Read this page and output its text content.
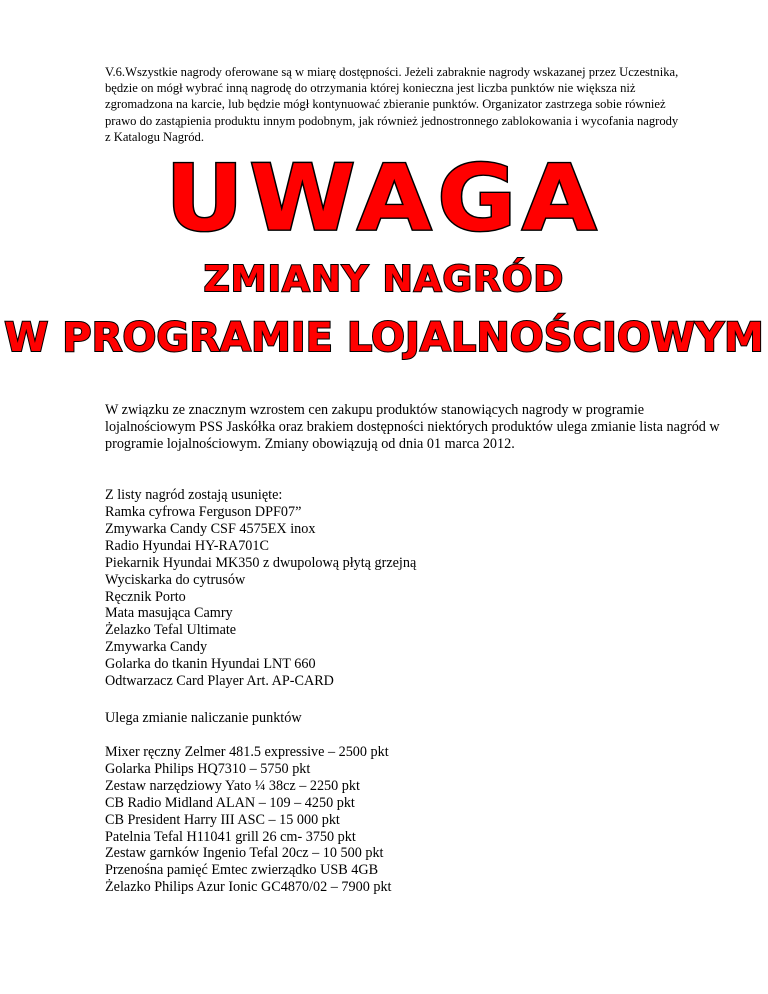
V.6.Wszystkie nagrody oferowane są w miarę dostępności. Jeżeli zabraknie nagrody wskazanej przez Uczestnika, będzie on mógł wybrać inną nagrodę do otrzymania której konieczna jest liczba punktów nie większa niż zgromadzona na karcie, lub będzie mógł kontynuować zbieranie punktów. Organizator zastrzega sobie również prawo do zastąpienia produktu innym podobnym, jak również jednostronnego zablokowania i wycofania nagrody z Katalogu Nagród.

UWAGA
ZMIANY NAGRÓD
W PROGRAMIE LOJALNOŚCIOWYM

W związku ze znacznym wzrostem cen zakupu produktów stanowiących nagrody w programie lojalnościowym PSS Jaskółka oraz brakiem dostępności niektórych produktów ulega zmianie lista nagród w programie lojalnościowym. Zmiany obowiązują od dnia 01 marca 2012.

Z listy nagród zostają usunięte:

Ramka cyfrowa Ferguson DPF07”
Zmywarka Candy CSF 4575EX inox
Radio Hyundai HY-RA701C
Piekarnik Hyundai MK350 z dwupolową płytą grzejną
Wyciskarka do cytrusów
Ręcznik Porto
Mata masująca Camry
Żelazko Tefal Ultimate
Zmywarka Candy
Golarka do tkanin Hyundai LNT 660
Odtwarzacz Card Player Art. AP-CARD

Ulega zmianie naliczanie punktów

Mixer ręczny Zelmer 481.5 expressive – 2500 pkt
Golarka Philips HQ7310 – 5750 pkt
Zestaw narzędziowy Yato ¼ 38cz – 2250 pkt
CB Radio Midland ALAN – 109 – 4250 pkt
CB President Harry III ASC – 15 000 pkt
Patelnia Tefal H11041 grill 26 cm- 3750 pkt
Zestaw garnków Ingenio Tefal 20cz – 10 500 pkt
Przenośna pamięć Emtec zwierządko USB 4GB
Żelazko Philips Azur Ionic GC4870/02 – 7900 pkt
